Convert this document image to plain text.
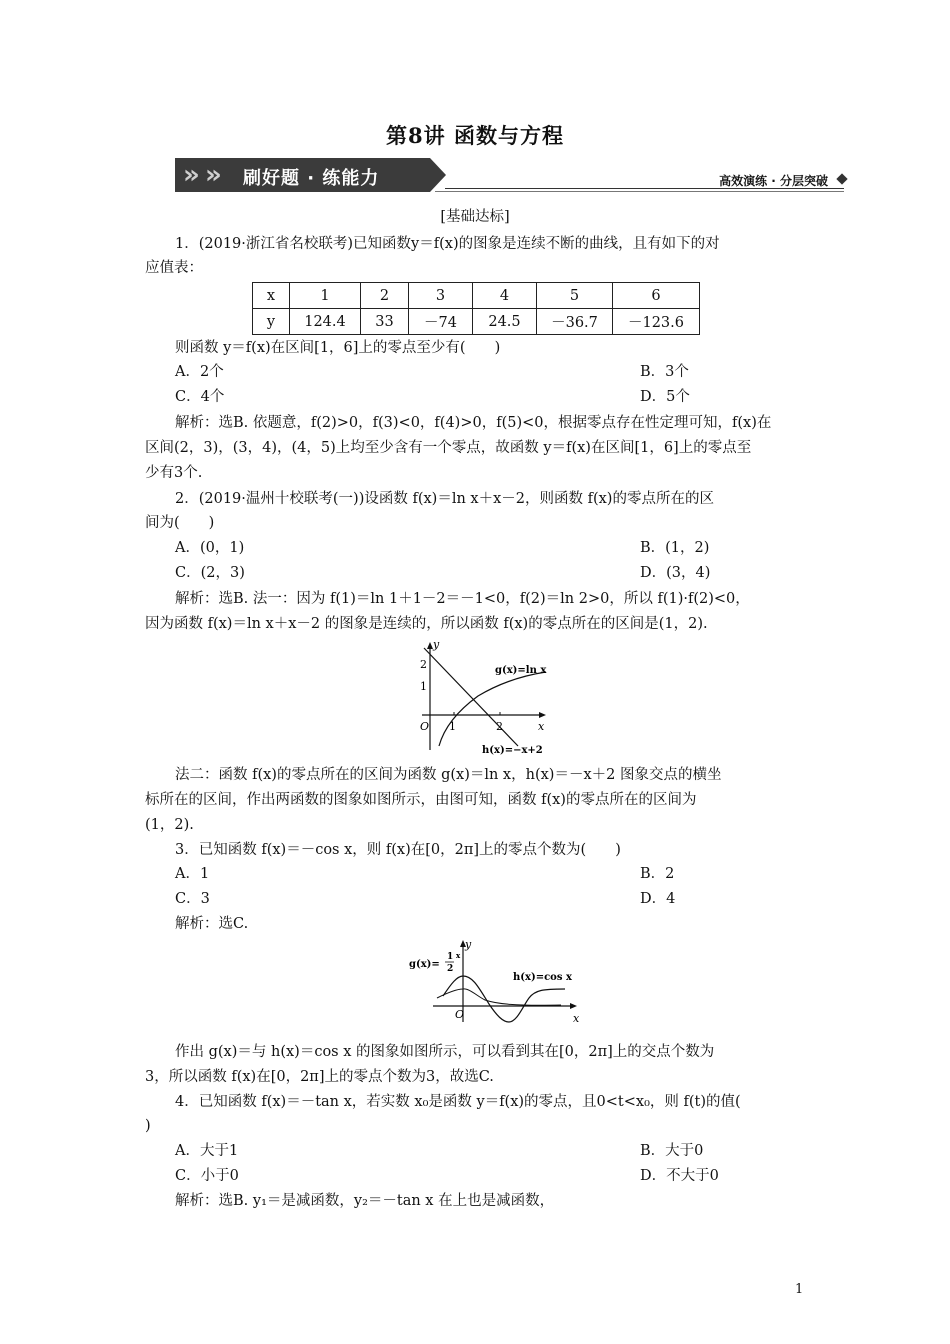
第8讲 函数与方程
» » 刷好题 · 练能力	高效演练 · 分层突破
[基础达标]
1．(2019·浙江省名校联考)已知函数y＝f(x)的图象是连续不断的曲线，且有如下的对
应值表：
x	1	2	3	4	5	6
y	124.4	33	－74	24.5	－36.7	－123.6
则函数 y＝f(x)在区间[1，6]上的零点至少有(　　)
A．2个	B．3个
C．4个	D．5个
解析：选B. 依题意，f(2)>0，f(3)<0，f(4)>0，f(5)<0，根据零点存在性定理可知，f(x)在
区间(2，3)，(3，4)，(4，5)上均至少含有一个零点，故函数 y＝f(x)在区间[1，6]上的零点至
少有3个.
2．(2019·温州十校联考(一))设函数 f(x)＝ln x＋x－2，则函数 f(x)的零点所在的区
间为(　　)
A．(0，1)	B．(1，2)
C．(2，3)	D．(3，4)
解析：选B. 法一：因为 f(1)＝ln 1＋1－2＝－1<0，f(2)＝ln 2>0，所以 f(1)·f(2)<0，
因为函数 f(x)＝ln x＋x－2 的图象是连续的，所以函数 f(x)的零点所在的区间是(1，2).
y
x
O
1
2
1	2
g(x)=ln x
h(x)=−x+2
法二：函数 f(x)的零点所在的区间为函数 g(x)＝ln x，h(x)＝－x＋2 图象交点的横坐
标所在的区间，作出两函数的图象如图所示，由图可知，函数 f(x)的零点所在的区间为
(1，2).
3．已知函数 f(x)＝－cos x，则 f(x)在[0，2π]上的零点个数为(　　)
A．1	B．2
C．3	D．4
解析：选C.
y
x
O
g(x)=
1
2
x
h(x)=cos x
作出 g(x)＝与 h(x)＝cos x 的图象如图所示，可以看到其在[0，2π]上的交点个数为
3，所以函数 f(x)在[0，2π]上的零点个数为3，故选C.
4．已知函数 f(x)＝－tan x，若实数 x₀是函数 y＝f(x)的零点，且0<t<x₀，则 f(t)的值(
)
A．大于1	B．大于0
C．小于0	D．不大于0
解析：选B. y₁＝是减函数，y₂＝－tan x 在上也是减函数，
1
